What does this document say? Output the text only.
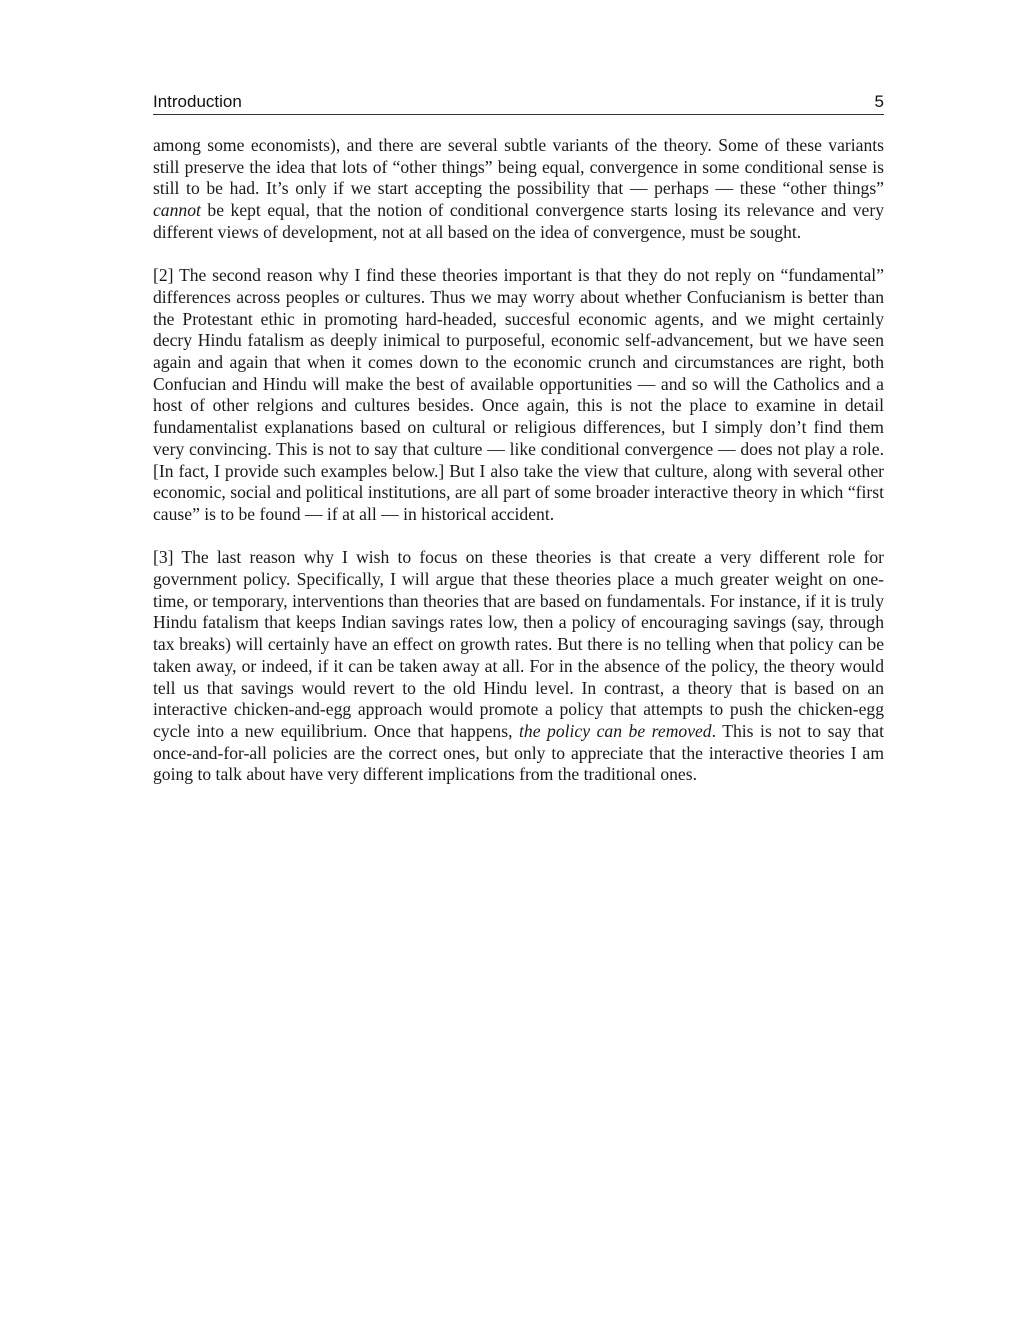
Introduction	5

among some economists), and there are several subtle variants of the theory. Some of these variants still preserve the idea that lots of “other things” being equal, convergence in some conditional sense is still to be had. It’s only if we start accepting the possibility that — perhaps — these “other things” cannot be kept equal, that the notion of conditional convergence starts losing its relevance and very different views of development, not at all based on the idea of convergence, must be sought.

[2] The second reason why I find these theories important is that they do not reply on “fundamental” differences across peoples or cultures. Thus we may worry about whether Confucianism is better than the Protestant ethic in promoting hard-headed, succesful economic agents, and we might certainly decry Hindu fatalism as deeply inimical to purposeful, economic self-advancement, but we have seen again and again that when it comes down to the economic crunch and circumstances are right, both Confucian and Hindu will make the best of available opportunities — and so will the Catholics and a host of other relgions and cultures besides. Once again, this is not the place to examine in detail fundamentalist explanations based on cultural or religious differences, but I simply don’t find them very convincing. This is not to say that culture — like conditional convergence — does not play a role. [In fact, I provide such examples below.] But I also take the view that culture, along with several other economic, social and political institutions, are all part of some broader interactive theory in which “first cause” is to be found — if at all — in historical accident.

[3] The last reason why I wish to focus on these theories is that create a very different role for government policy. Specifically, I will argue that these theories place a much greater weight on one-time, or temporary, interventions than theories that are based on fundamentals. For instance, if it is truly Hindu fatalism that keeps Indian savings rates low, then a policy of encouraging savings (say, through tax breaks) will certainly have an effect on growth rates. But there is no telling when that policy can be taken away, or indeed, if it can be taken away at all. For in the absence of the policy, the theory would tell us that savings would revert to the old Hindu level. In contrast, a theory that is based on an interactive chicken-and-egg approach would promote a policy that attempts to push the chicken-egg cycle into a new equilibrium. Once that happens, the policy can be removed. This is not to say that once-and-for-all policies are the correct ones, but only to appreciate that the interactive theories I am going to talk about have very different implications from the traditional ones.
